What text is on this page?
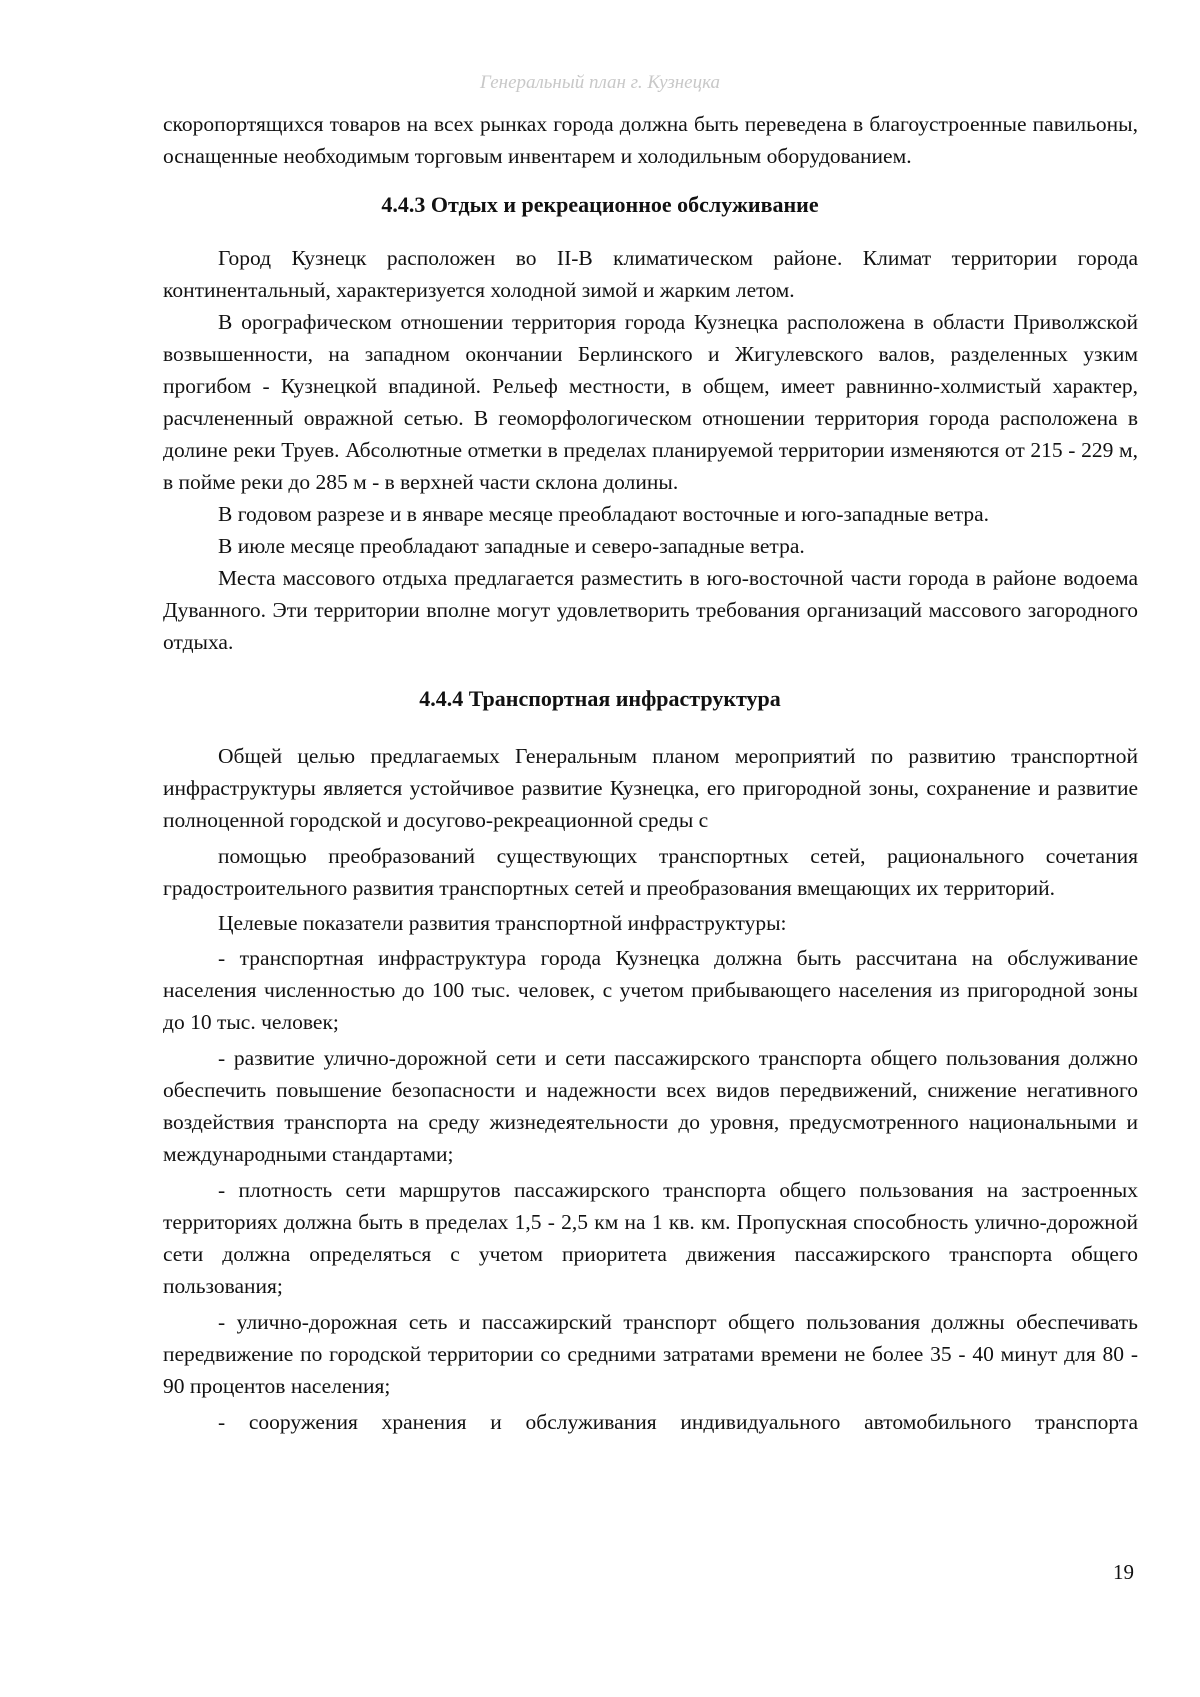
Генеральный план г. Кузнецка

скоропортящихся товаров на всех рынках города должна быть переведена в благоустроенные павильоны, оснащенные необходимым торговым инвентарем и холодильным оборудованием.

4.4.3 Отдых и рекреационное обслуживание

Город Кузнецк расположен во II-В климатическом районе. Климат территории города континентальный, характеризуется холодной зимой и жарким летом.

В орографическом отношении территория города Кузнецка расположена в области Приволжской возвышенности, на западном окончании Берлинского и Жигулевского валов, разделенных узким прогибом - Кузнецкой впадиной. Рельеф местности, в общем, имеет равнинно-холмистый характер, расчлененный овражной сетью. В геоморфологическом отношении территория города расположена в долине реки Труев. Абсолютные отметки в пределах планируемой территории изменяются от 215 - 229 м, в пойме реки до 285 м - в верхней части склона долины.

В годовом разрезе и в январе месяце преобладают восточные и юго-западные ветра.

В июле месяце преобладают западные и северо-западные ветра.

Места массового отдыха предлагается разместить в юго-восточной части города в районе водоема Дуванного. Эти территории вполне могут удовлетворить требования организаций массового загородного отдыха.

4.4.4 Транспортная инфраструктура

Общей целью предлагаемых Генеральным планом мероприятий по развитию транспортной инфраструктуры является устойчивое развитие Кузнецка, его пригородной зоны, сохранение и развитие полноценной городской и досугово-рекреационной среды с

помощью преобразований существующих транспортных сетей, рационального сочетания градостроительного развития транспортных сетей и преобразования вмещающих их территорий.

Целевые показатели развития транспортной инфраструктуры:

- транспортная инфраструктура города Кузнецка должна быть рассчитана на обслуживание населения численностью до 100 тыс. человек, с учетом прибывающего населения из пригородной зоны до 10 тыс. человек;

- развитие улично-дорожной сети и сети пассажирского транспорта общего пользования должно обеспечить повышение безопасности и надежности всех видов передвижений, снижение негативного воздействия транспорта на среду жизнедеятельности до уровня, предусмотренного национальными и международными стандартами;

- плотность сети маршрутов пассажирского транспорта общего пользования на застроенных территориях должна быть в пределах 1,5 - 2,5 км на 1 кв. км. Пропускная способность улично-дорожной сети должна определяться с учетом приоритета движения пассажирского транспорта общего пользования;

- улично-дорожная сеть и пассажирский транспорт общего пользования должны обеспечивать передвижение по городской территории со средними затратами времени не более 35 - 40 минут для 80 - 90 процентов населения;

- сооружения хранения и обслуживания индивидуального автомобильного транспорта

19
